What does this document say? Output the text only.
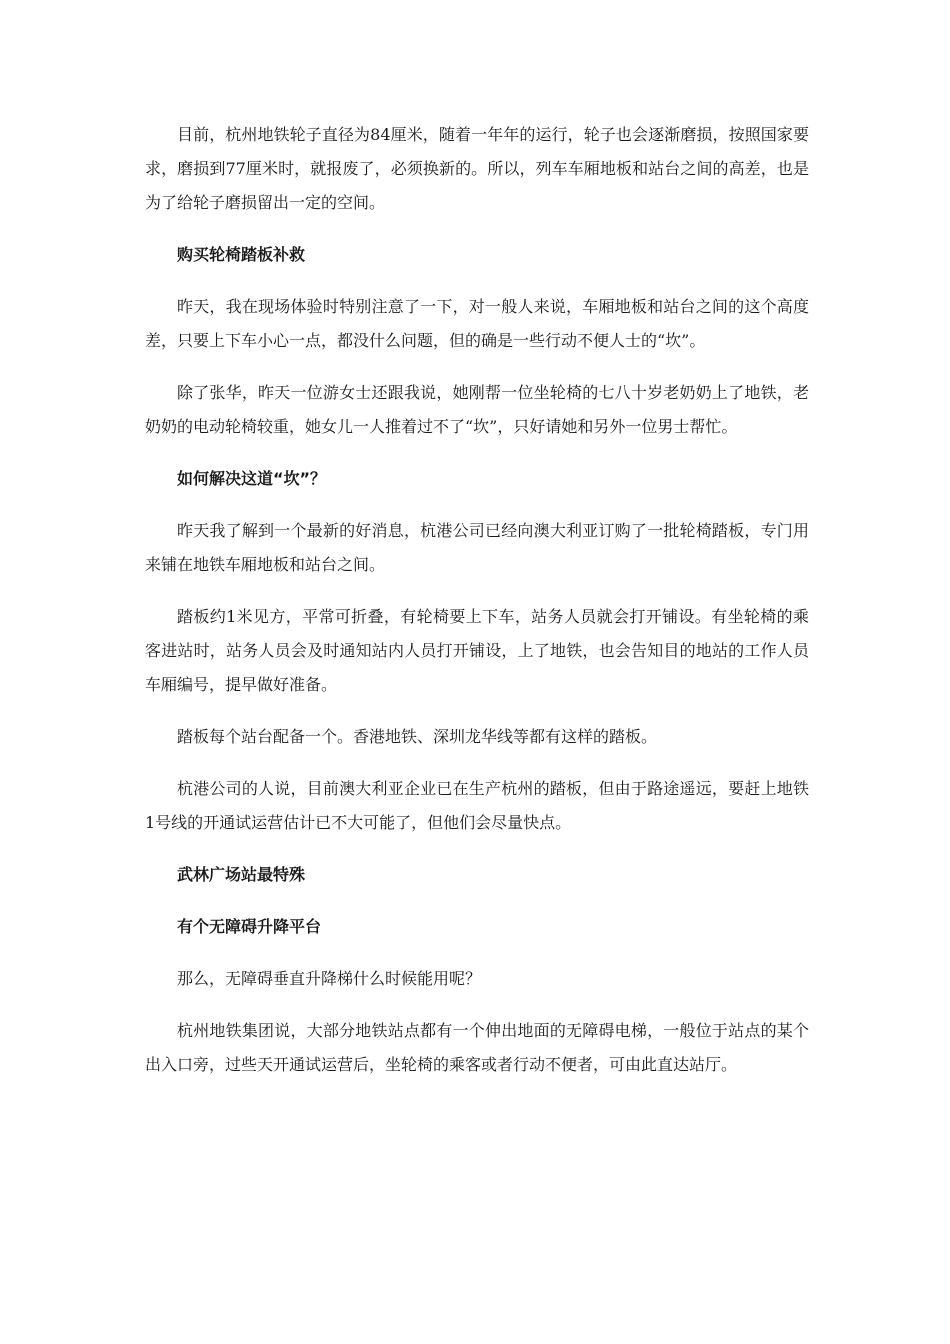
目前，杭州地铁轮子直径为84厘米，随着一年年的运行，轮子也会逐渐磨损，按照国家要求，磨损到77厘米时，就报废了，必须换新的。所以，列车车厢地板和站台之间的高差，也是为了给轮子磨损留出一定的空间。

购买轮椅踏板补救

昨天，我在现场体验时特别注意了一下，对一般人来说，车厢地板和站台之间的这个高度差，只要上下车小心一点，都没什么问题，但的确是一些行动不便人士的“坎”。

除了张华，昨天一位游女士还跟我说，她刚帮一位坐轮椅的七八十岁老奶奶上了地铁，老奶奶的电动轮椅较重，她女儿一人推着过不了“坎”，只好请她和另外一位男士帮忙。

如何解决这道“坎”？

昨天我了解到一个最新的好消息，杭港公司已经向澳大利亚订购了一批轮椅踏板，专门用来铺在地铁车厢地板和站台之间。

踏板约1米见方，平常可折叠，有轮椅要上下车，站务人员就会打开铺设。有坐轮椅的乘客进站时，站务人员会及时通知站内人员打开铺设，上了地铁，也会告知目的地站的工作人员车厢编号，提早做好准备。

踏板每个站台配备一个。香港地铁、深圳龙华线等都有这样的踏板。

杭港公司的人说，目前澳大利亚企业已在生产杭州的踏板，但由于路途遥远，要赶上地铁1号线的开通试运营估计已不大可能了，但他们会尽量快点。

武林广场站最特殊

有个无障碍升降平台

那么，无障碍垂直升降梯什么时候能用呢？

杭州地铁集团说，大部分地铁站点都有一个伸出地面的无障碍电梯，一般位于站点的某个出入口旁，过些天开通试运营后，坐轮椅的乘客或者行动不便者，可由此直达站厅。
